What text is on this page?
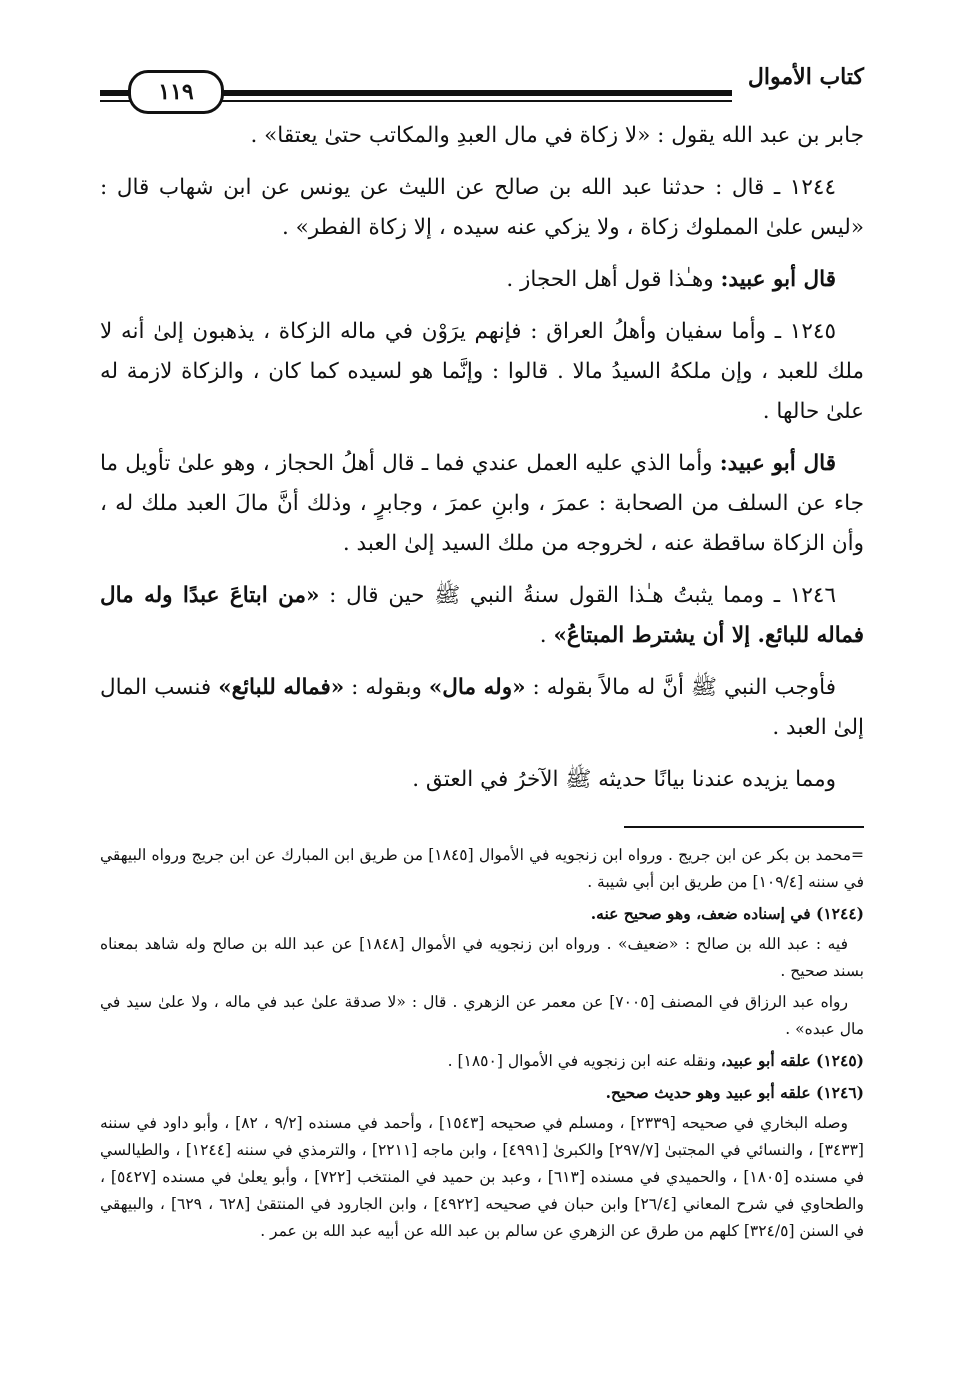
كتاب الأموال
١١٩

جابر بن عبد الله يقول : «لا زكاة في مال العبدِ والمكاتب حتىٰ يعتقا» .

١٢٤٤ ـ قال : حدثنا عبد الله بن صالح عن الليث عن يونس عن ابن شهاب قال : «ليس علىٰ المملوك زكاة ، ولا يزكي عنه سيده ، إلا زكاة الفطر» .

قال أبو عبيد: وهـٰذا قول أهل الحجاز .

١٢٤٥ ـ وأما سفيان وأهلُ العراق : فإنهم يرَوْن في ماله الزكاة ، يذهبون إلىٰ أنه لا ملك للعبد ، وإن ملكهُ السيدُ مالا . قالوا : وإنَّما هو لسيده كما كان ، والزكاة لازمة له علىٰ حالها .

قال أبو عبيد: وأما الذي عليه العمل عندي فما ـ قال أهلُ الحجاز ، وهو علىٰ تأويل ما جاء عن السلف من الصحابة : عمرَ ، وابنِ عمرَ ، وجابرٍ ، وذلك أنَّ مالَ العبد ملك له ، وأن الزكاة ساقطة عنه ، لخروجه من ملك السيد إلىٰ العبد .

١٢٤٦ ـ ومما يثبتُ هـٰذا القول سنةُ النبي ﷺ حين قال : «من ابتاعَ عبدًا وله مال فماله للبائع. إلا أن يشترط المبتاعُ» .

فأوجب النبي ﷺ أنَّ له مالاً بقوله : «وله مال» وبقوله : «فماله للبائع» فنسب المال إلىٰ العبد .

ومما يزيده عندنا بيانًا حديثه ﷺ الآخرُ في العتق .

=محمد بن بكر عن ابن جريج . ورواه ابن زنجويه في الأموال [١٨٤٥] من طريق ابن المبارك عن ابن جريج ورواه البيهقي في سننه [١٠٩/٤] من طريق ابن أبي شيبة .

(١٢٤٤) في إسناده ضعف، وهو صحيح عنه.

فيه : عبد الله بن صالح : «ضعيف» . ورواه ابن زنجويه في الأموال [١٨٤٨] عن عبد الله بن صالح وله شاهد بمعناه بسند صحيح .

رواه عبد الرزاق في المصنف [٧٠٠٥] عن معمر عن الزهري . قال : «لا صدقة علىٰ عبد في ماله ، ولا علىٰ سيد في مال عبده» .

(١٢٤٥) علقه أبو عبيد، ونقله عنه ابن زنجويه في الأموال [١٨٥٠] .

(١٢٤٦) علقه أبو عبيد وهو حديث صحيح.

وصله البخاري في صحيحه [٢٣٣٩] ، ومسلم في صحيحه [١٥٤٣] ، وأحمد في مسنده [٩/٢ ، ٨٢] ، وأبو داود في سننه [٣٤٣٣] ، والنسائي في المجتبىٰ [٢٩٧/٧] والكبرىٰ [٤٩٩١] ، وابن ماجه [٢٢١١] ، والترمذي في سننه [١٢٤٤] ، والطيالسي في مسنده [١٨٠٥] ، والحميدي في مسنده [٦١٣] ، وعبد بن حميد في المنتخب [٧٢٢] ، وأبو يعلىٰ في مسنده [٥٤٢٧] ، والطحاوي في شرح المعاني [٢٦/٤] وابن حبان في صحيحه [٤٩٢٢] ، وابن الجارود في المنتقىٰ [٦٢٨ ، ٦٢٩] ، والبيهقي في السنن [٣٢٤/٥] كلهم من طرق عن الزهري عن سالم بن عبد الله عن أبيه عبد الله بن عمر .
